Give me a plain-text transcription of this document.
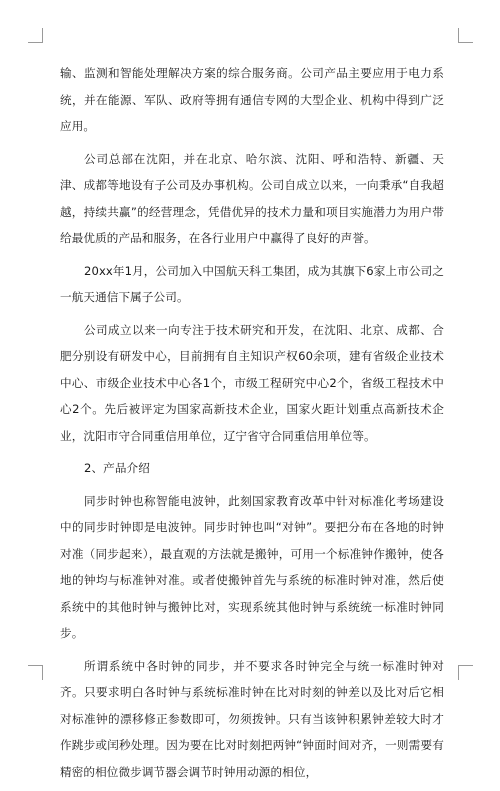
输、监测和智能处理解决方案的综合服务商。公司产品主要应用于电力系统，并在能源、军队、政府等拥有通信专网的大型企业、机构中得到广泛应用。

公司总部在沈阳，并在北京、哈尔滨、沈阳、呼和浩特、新疆、天津、成都等地设有子公司及办事机构。公司自成立以来，一向秉承“自我超越，持续共赢”的经营理念，凭借优异的技术力量和项目实施潜力为用户带给最优质的产品和服务，在各行业用户中赢得了良好的声誉。

20xx年1月，公司加入中国航天科工集团，成为其旗下6家上市公司之一航天通信下属子公司。

公司成立以来一向专注于技术研究和开发，在沈阳、北京、成都、合肥分别设有研发中心，目前拥有自主知识产权60余项，建有省级企业技术中心、市级企业技术中心各1个，市级工程研究中心2个，省级工程技术中心2个。先后被评定为国家高新技术企业，国家火距计划重点高新技术企业，沈阳市守合同重信用单位，辽宁省守合同重信用单位等。

2、产品介绍

同步时钟也称智能电波钟，此刻国家教育改革中针对标准化考场建设中的同步时钟即是电波钟。同步时钟也叫“对钟”。要把分布在各地的时钟对准（同步起来），最直观的方法就是搬钟，可用一个标准钟作搬钟，使各地的钟均与标准钟对准。或者使搬钟首先与系统的标准时钟对准，然后使系统中的其他时钟与搬钟比对，实现系统其他时钟与系统统一标准时钟同步。

所谓系统中各时钟的同步，并不要求各时钟完全与统一标准时钟对齐。只要求明白各时钟与系统标准时钟在比对时刻的钟差以及比对后它相对标准钟的漂移修正参数即可，勿须拨钟。只有当该钟积累钟差较大时才作跳步或闰秒处理。因为要在比对时刻把两钟“钟面时间对齐，一则需要有精密的相位微步调节器会调节时钟用动源的相位，
